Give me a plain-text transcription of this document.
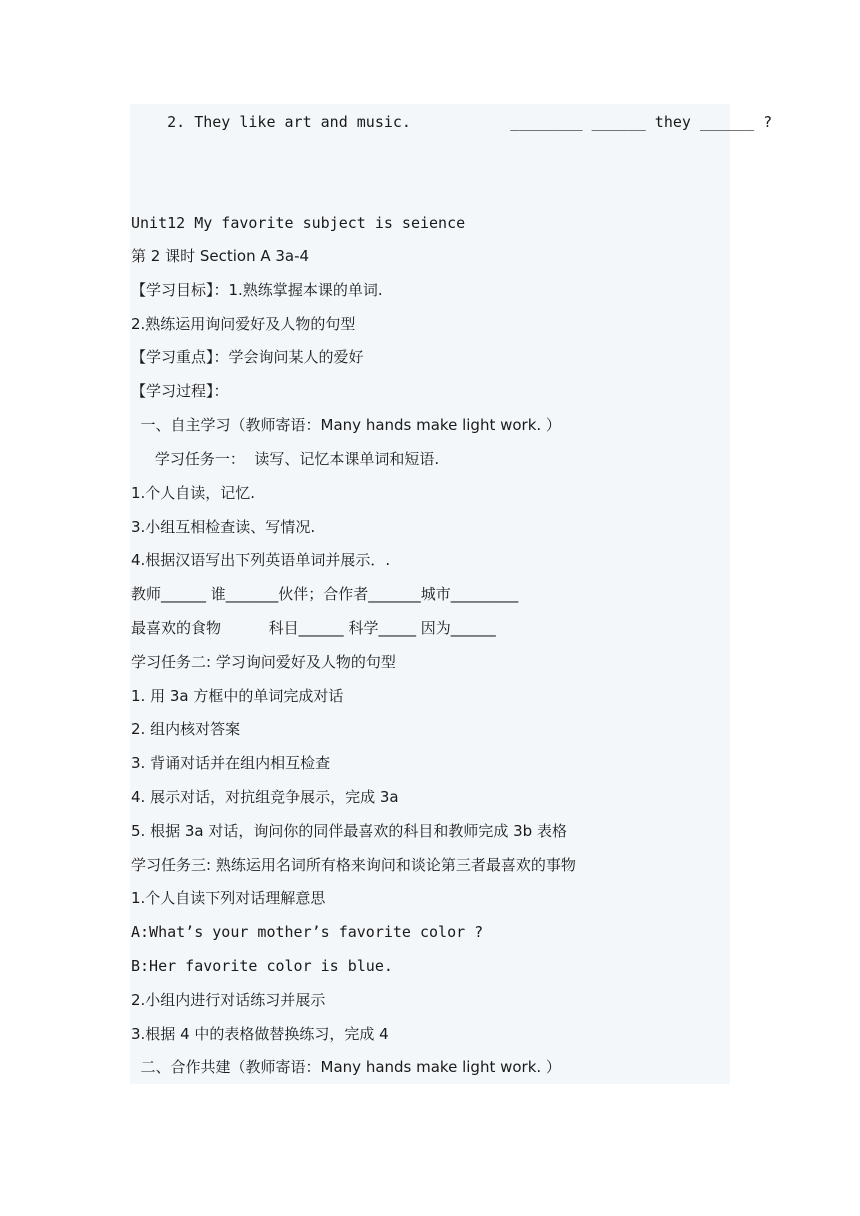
2. They like art and music.           ________ ______ they ______ ?
Unit12 My favorite subject is seience
第 2 课时 Section A 3a-4
【学习目标】：1.熟练掌握本课的单词.
2.熟练运用询问爱好及人物的句型
【学习重点】：学会询问某人的爱好
【学习过程】：
一、自主学习（教师寄语：Many hands make light work. ）
学习任务一：  读写、记忆本课单词和短语.
1.个人自读，记忆.
3.小组互相检查读、写情况.
4.根据汉语写出下列英语单词并展示．.
教师______ 谁_______伙伴；合作者_______城市_________
最喜欢的食物          科目______ 科学_____ 因为______
学习任务二: 学习询问爱好及人物的句型
1. 用 3a 方框中的单词完成对话
2. 组内核对答案
3. 背诵对话并在组内相互检查
4. 展示对话，对抗组竞争展示，完成 3a
5. 根据 3a 对话，询问你的同伴最喜欢的科目和教师完成 3b 表格
学习任务三: 熟练运用名词所有格来询问和谈论第三者最喜欢的事物
1.个人自读下列对话理解意思
A:What’s your mother’s favorite color ?
B:Her favorite color is blue.
2.小组内进行对话练习并展示
3.根据 4 中的表格做替换练习，完成 4
二、合作共建（教师寄语：Many hands make light work. ）
